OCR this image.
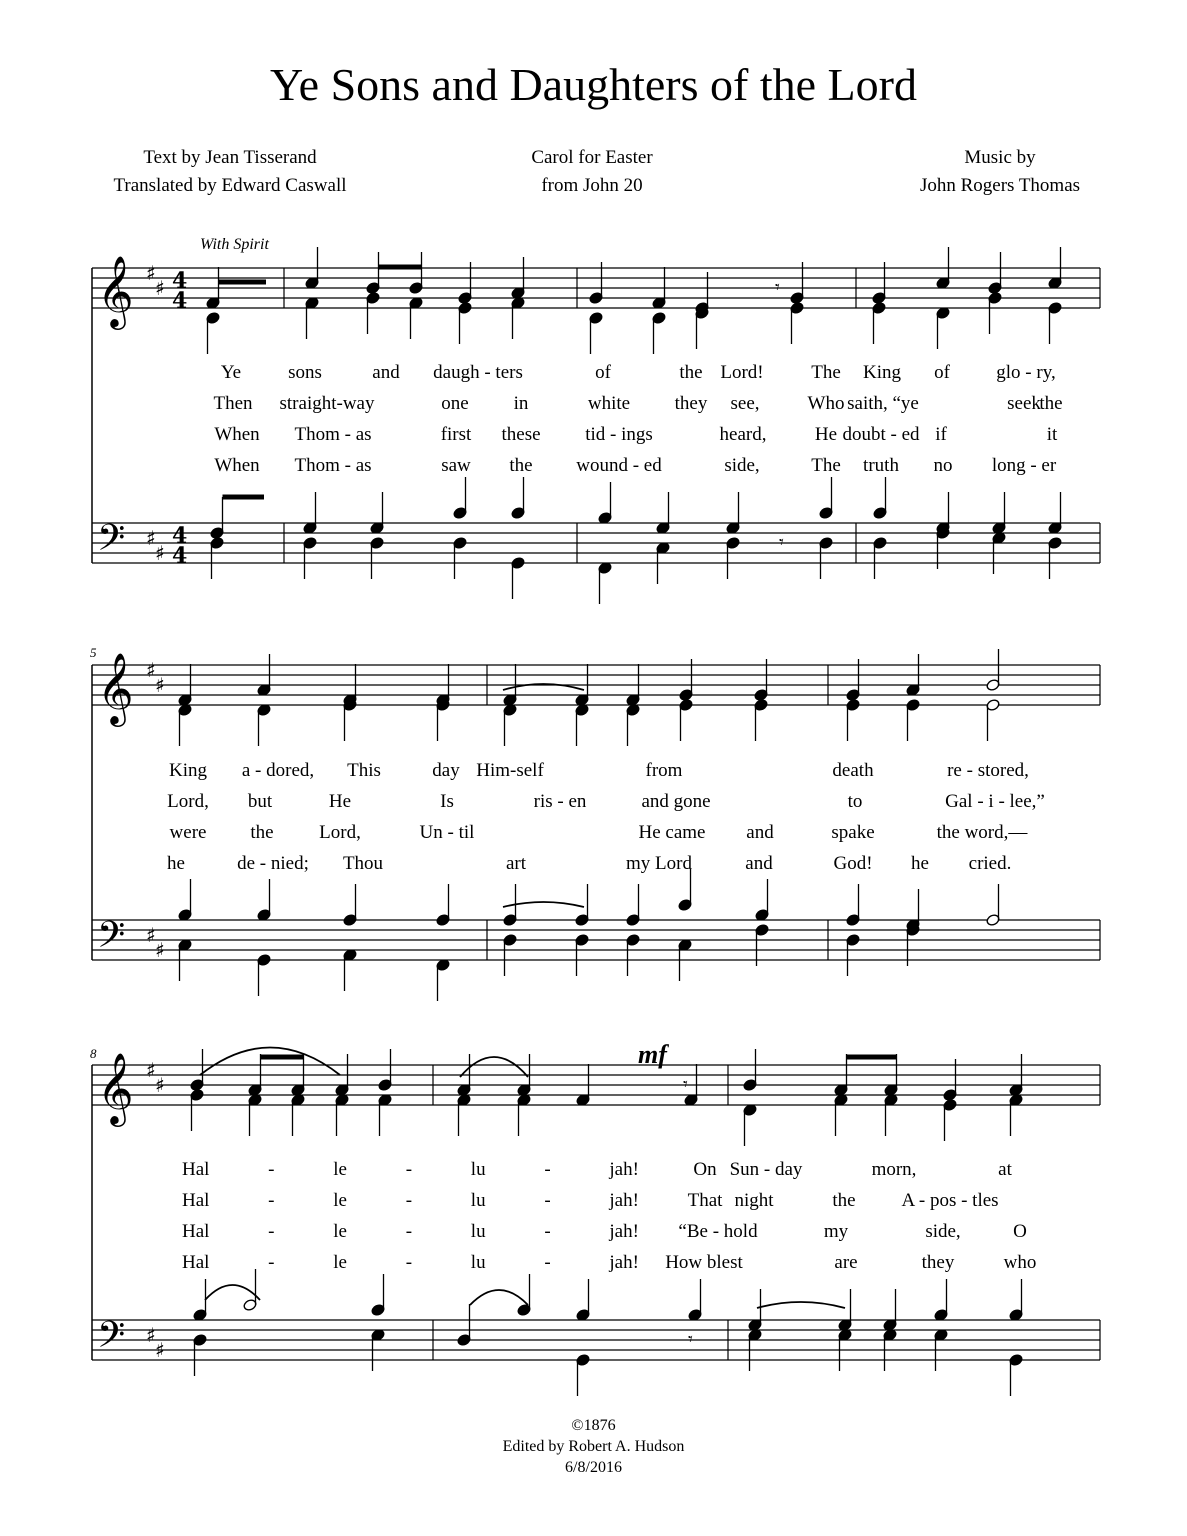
Ye Sons and Daughters of the Lord
Text by Jean Tisserand
Translated by Edward Caswall
Carol for Easter
from John 20
Music by
John Rogers Thomas
With Spirit
mf
5
8
𝄞
𝄢
♯
♯
♯
♯
4
4
4
4
𝄞
𝄢
♯
♯
♯
♯
𝄞
𝄢
♯
♯
♯
♯
𝄾
𝄾
𝄾
𝄾
Ye sons	and daugh - ters	of	the Lord!	The King of glo - ry,
Then straight-way	one in	white they see,	Who saith, “ye	seek
the
When Thom - as	first these tid - ings	heard,	He doubt - ed if	it
When Thom - as	saw the wound - ed	side,	The truth no long - er
King a - dored, This	day Him-self	from	death	re - stored,
Lord, but	He	Is	ris - en	and gone	to	Gal - i - lee,”
were the Lord,	Un - til	He came and	spake	the word,—
he	de - nied; Thou	art	my Lord	and	God! he cried.
Hal - le - lu - jah!	On Sun - day	morn,	at
Hal - le - lu - jah!	That night	the A - pos - tles
Hal - le - lu - jah! “Be - hold	my	side,	O
Hal - le - lu - jah! How blest	are	they	who
©1876
Edited by Robert A. Hudson
6/8/2016
